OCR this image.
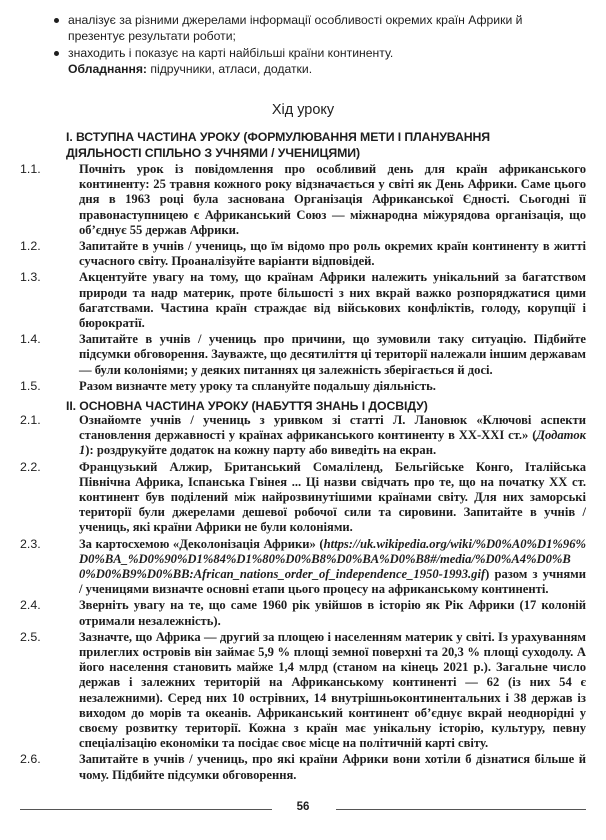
аналізує за різними джерелами інформації особливості окремих країн Африки й презентує результати роботи;

знаходить і показує на карті найбільші країни континенту.

Обладнання: підручники, атласи, додатки.

Хід уроку
І. ВСТУПНА ЧАСТИНА УРОКУ (ФОРМУЛЮВАННЯ МЕТИ І ПЛАНУВАННЯ ДІЯЛЬНОСТІ СПІЛЬНО З УЧНЯМИ / УЧЕНИЦЯМИ)
1.1.	Почніть урок із повідомлення про особливий день для країн африканського континенту: 25 травня кожного року відзначається у світі як День Африки. Саме цього дня в 1963 році була заснована Організація Африканської Єдності. Сьогодні її правонаступницею є Африканський Союз — міжнародна міжурядова організація, що об’єднує 55 держав Африки.
1.2.	Запитайте в учнів / учениць, що їм відомо про роль окремих країн континенту в житті сучасного світу. Проаналізуйте варіанти відповідей.
1.3.	Акцентуйте увагу на тому, що країнам Африки належить унікальний за багатством природи та надр материк, проте більшості з них вкрай важко розпоряджатися цими багатствами. Частина країн страждає від військових конфліктів, голоду, корупції і бюрократії.
1.4.	Запитайте в учнів / учениць про причини, що зумовили таку ситуацію. Підбийте підсумки обговорення. Зауважте, що десятиліття ці території належали іншим державам — були колоніями; у деяких питаннях ця залежність зберігається й досі.
1.5.	Разом визначте мету уроку та сплануйте подальшу діяльність.
ІІ. ОСНОВНА ЧАСТИНА УРОКУ (НАБУТТЯ ЗНАНЬ І ДОСВІДУ)
2.1.	Ознайомте учнів / учениць з уривком зі статті Л. Лановюк «Ключові аспекти становлення державності у країнах африканського континенту в ХХ-ХХІ ст.» (Додаток 1): роздрукуйте додаток на кожну парту або виведіть на екран.
2.2.	Французький Алжир, Британський Сомаліленд, Бельгійське Конго, Італійська Північна Африка, Іспанська Гвінея ... Ці назви свідчать про те, що на початку ХХ ст. континент був поділений між найрозвинутішими країнами світу. Для них заморські території були джерелами дешевої робочої сили та сировини. Запитайте в учнів / учениць, які країни Африки не були колоніями.
2.3.	За картосхемою «Деколонізація Африки» (https://uk.wikipedia.org/wiki/%D0%A0%D1%96%D0%BA_%D0%90%D1%84%D1%80%D0%B8%D0%BA%D0%B8#/media/%D0%A4%D0%B0%D0%B9%D0%BB:African_nations_order_of_independence_1950-1993.gif) разом з учнями / ученицями визначте основні етапи цього процесу на африканському континенті.
2.4.	Зверніть увагу на те, що саме 1960 рік увійшов в історію як Рік Африки (17 колоній отримали незалежність).
2.5.	Зазначте, що Африка — другий за площею і населенням материк у світі. Із урахуванням прилеглих островів він займає 5,9 % площі земної поверхні та 20,3 % площі суходолу. А його населення становить майже 1,4 млрд (станом на кінець 2021 р.). Загальне число держав і залежних територій на Африканському континенті — 62 (із них 54 є незалежними). Серед них 10 острівних, 14 внутрішньоконтинентальних і 38 держав із виходом до морів та океанів. Африканський континент об’єднує вкрай неоднорідні у своєму розвитку території. Кожна з країн має унікальну історію, культуру, певну спеціалізацію економіки та посідає своє місце на політичній карті світу.
2.6.	Запитайте в учнів / учениць, про які країни Африки вони хотіли б дізнатися більше й чому. Підбийте підсумки обговорення.
56
